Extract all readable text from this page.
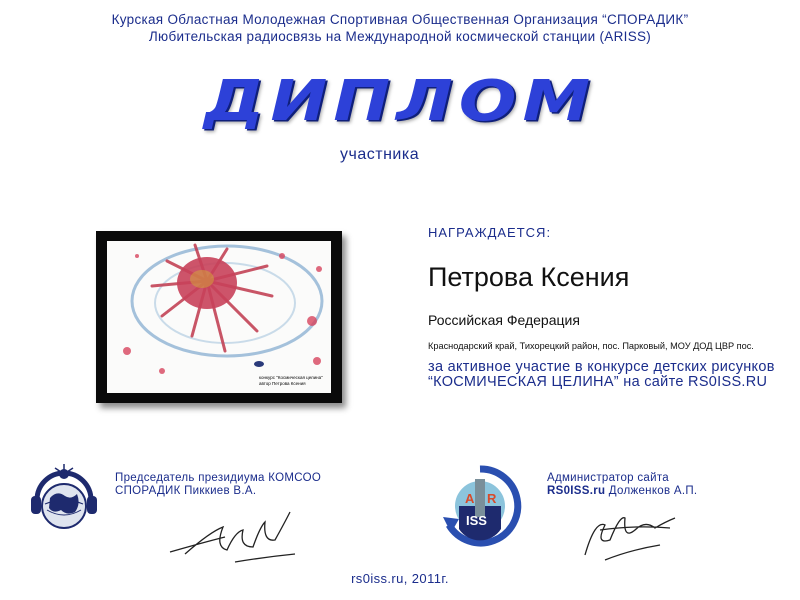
Курская Областная Молодежная Спортивная Общественная Организация “СПОРАДИК”
Любительская радиосвязь на Международной космической станции (ARISS)
ДИПЛОМ
участника
конкурс "Космическая целина"
автор Петрова Ксения
НАГРАЖДАЕТСЯ:
Петрова Ксения
Российская Федерация
Краснодарский край, Тихорецкий район, пос. Парковый, МОУ ДОД ЦВР пос.
за активное участие в конкурсе детских рисунков “КОСМИЧЕСКАЯ ЦЕЛИНА” на сайте RS0ISS.RU
Председатель президиума КОМСОО
СПОРАДИК Пиккиев В.А.	A R
ISS
Администратор сайта
RS0ISS.ru Долженков А.П.
rs0iss.ru, 2011г.
